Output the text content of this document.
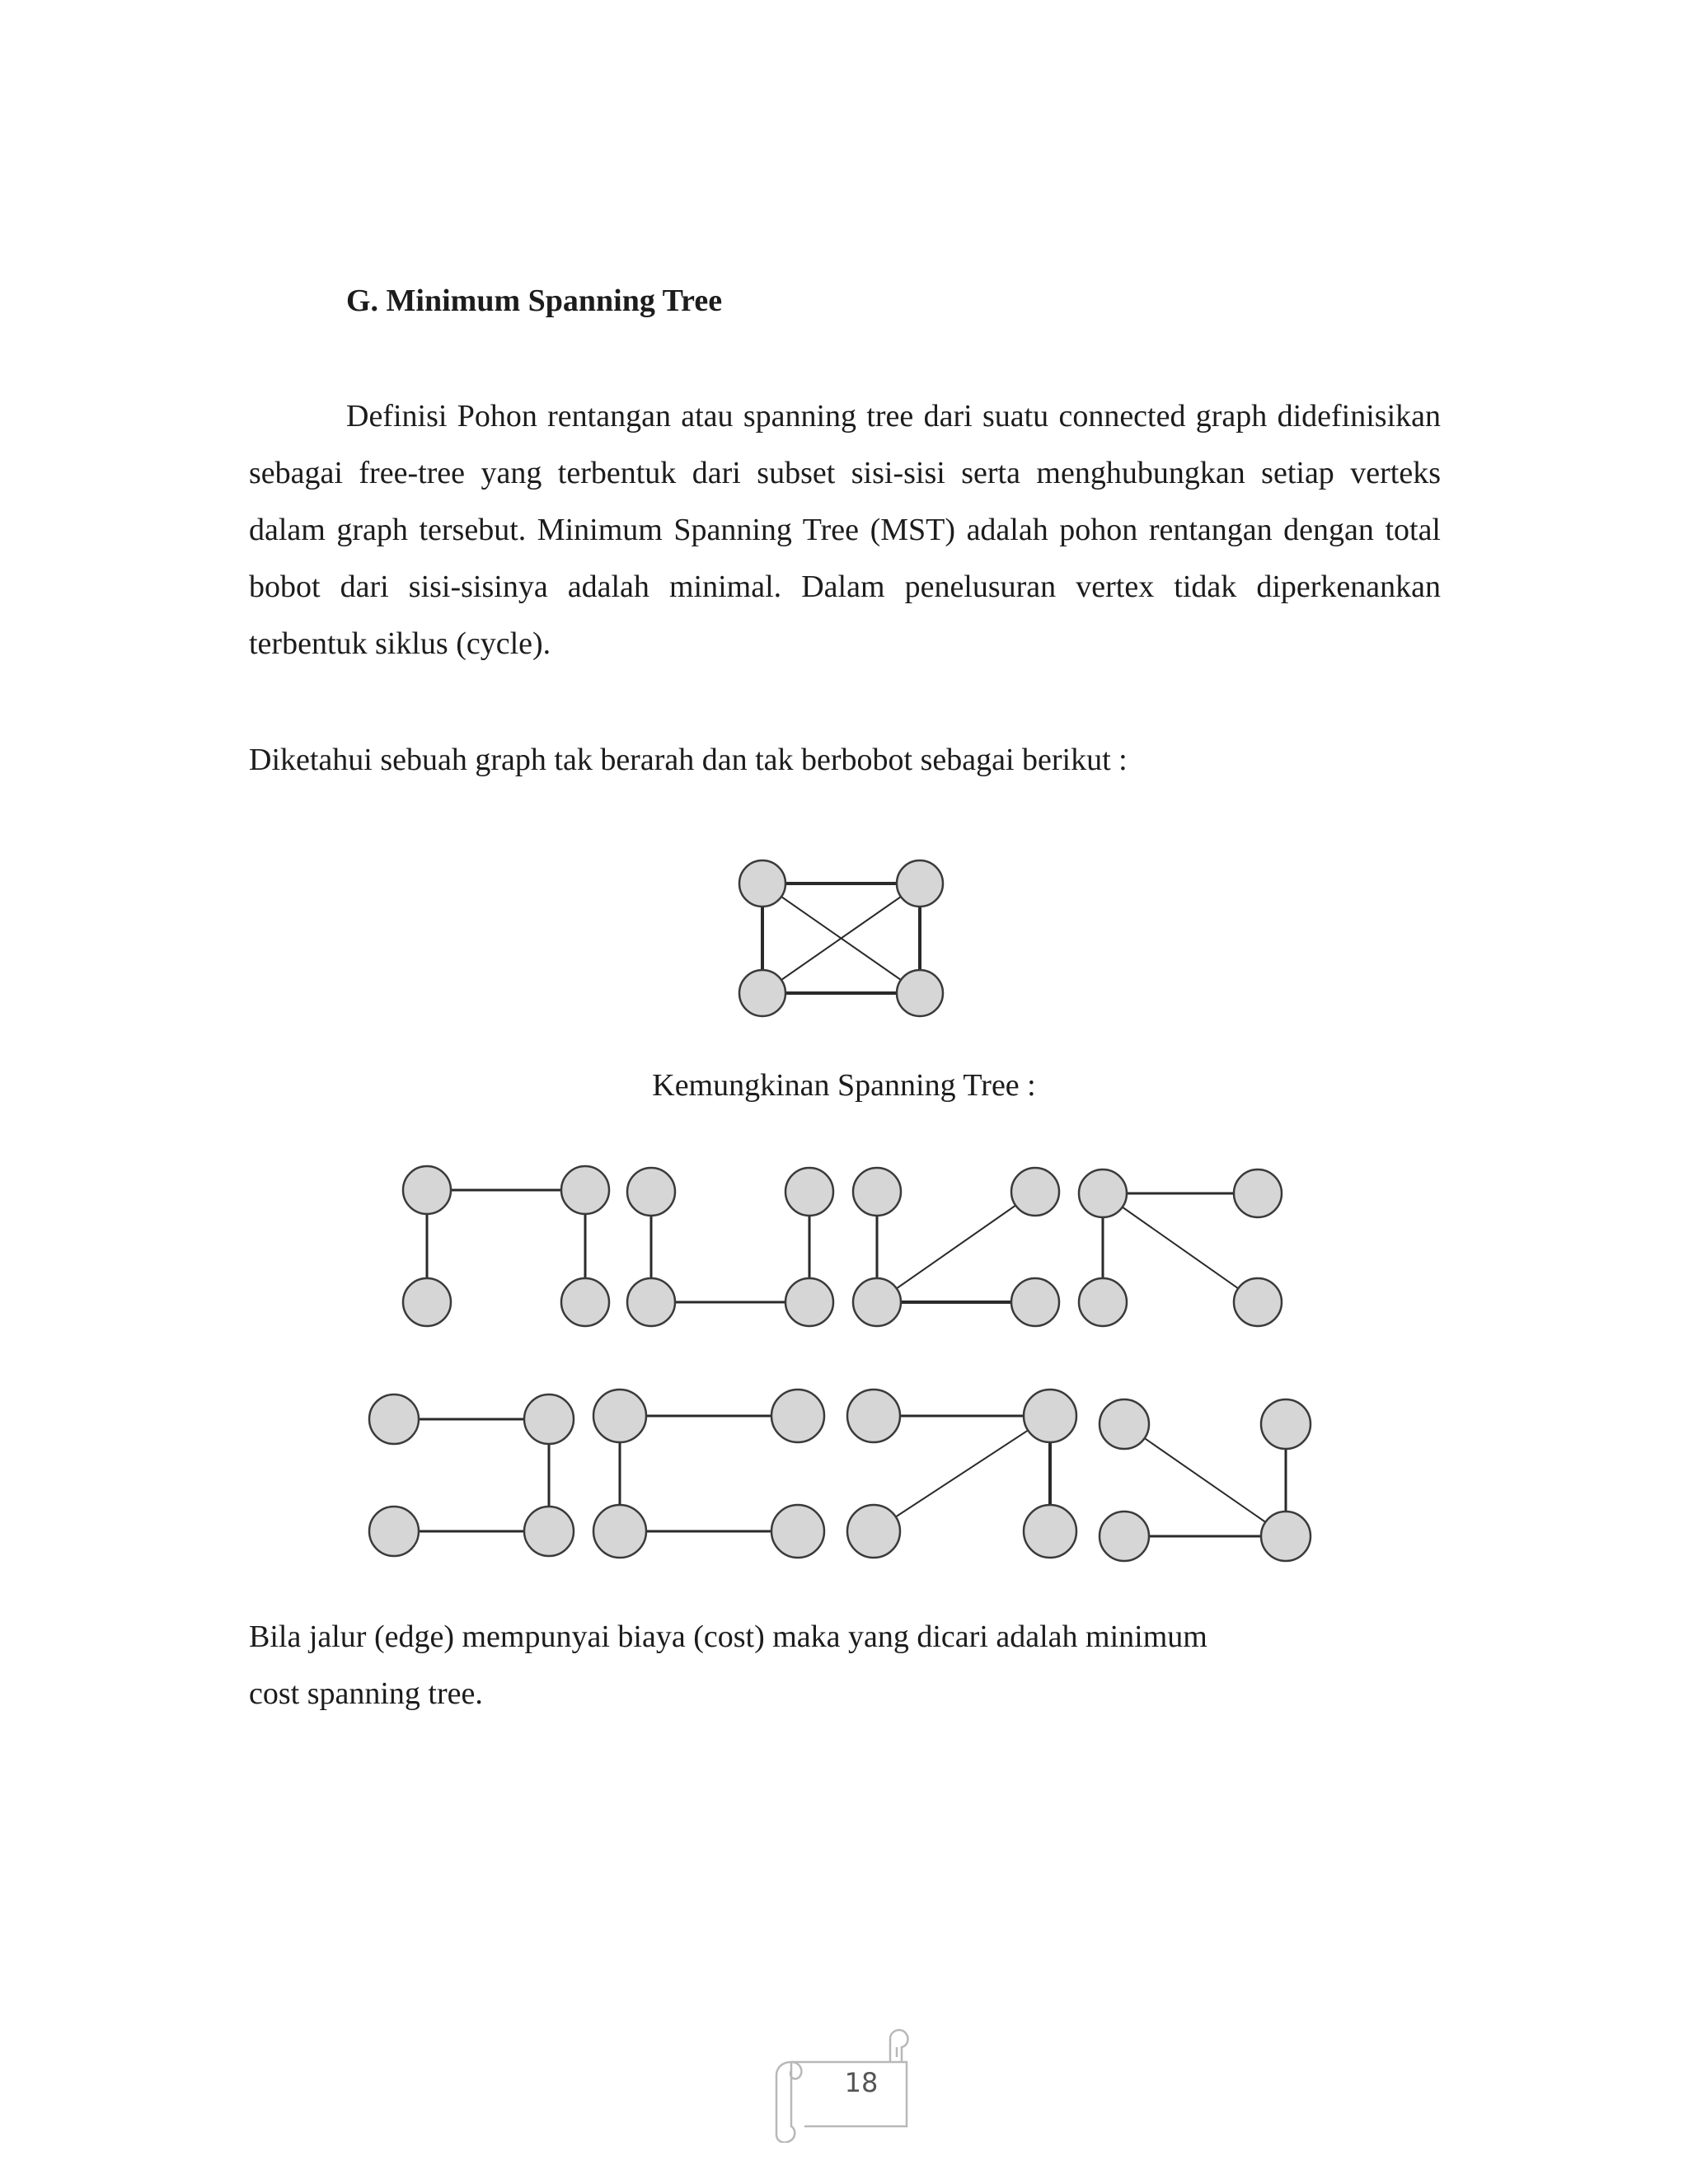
G. Minimum Spanning Tree

Definisi Pohon rentangan atau spanning tree dari suatu connected graph didefinisikan sebagai free-tree yang terbentuk dari subset sisi-sisi serta menghubungkan setiap verteks dalam graph tersebut. Minimum Spanning Tree (MST) adalah pohon rentangan dengan total bobot dari sisi-sisinya adalah minimal. Dalam penelusuran vertex tidak diperkenankan terbentuk siklus (cycle).

Diketahui sebuah graph tak berarah dan tak berbobot sebagai berikut :

Kemungkinan Spanning Tree :

Bila jalur (edge) mempunyai biaya (cost) maka yang dicari adalah minimum
cost spanning tree.
18
